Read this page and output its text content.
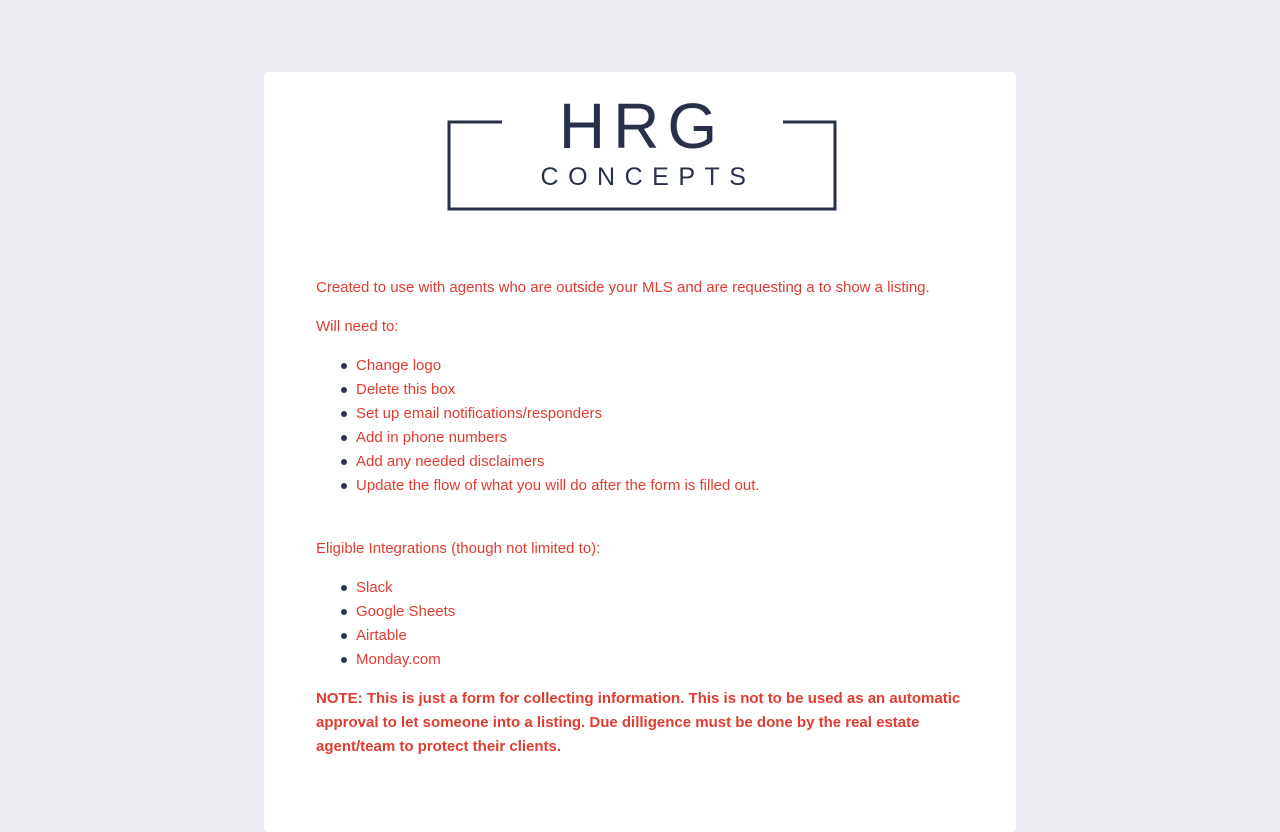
HRG
CONCEPTS

Created to use with agents who are outside your MLS and are requesting a to show a listing.

Will need to:

Change logo
Delete this box
Set up email notifications/responders
Add in phone numbers
Add any needed disclaimers
Update the flow of what you will do after the form is filled out.

Eligible Integrations (though not limited to):

Slack
Google Sheets
Airtable
Monday.com

NOTE: This is just a form for collecting information. This is not to be used as an automatic approval to let someone into a listing. Due dilligence must be done by the real estate agent/team to protect their clients.
